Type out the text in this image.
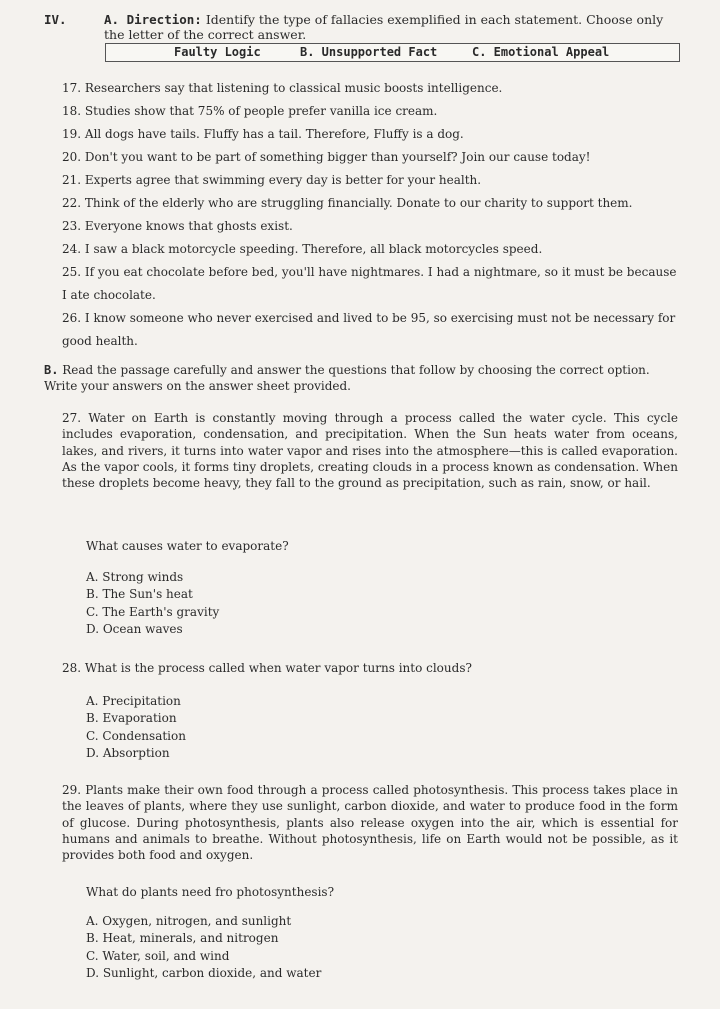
IV.	A. Direction: Identify the type of fallacies exemplified in each statement. Choose only the letter of the correct answer.
Faulty Logic	B. Unsupported Fact	C. Emotional Appeal
17. Researchers say that listening to classical music boosts intelligence.
18. Studies show that 75% of people prefer vanilla ice cream.
19. All dogs have tails. Fluffy has a tail. Therefore, Fluffy is a dog.
20. Don't you want to be part of something bigger than yourself? Join our cause today!
21. Experts agree that swimming every day is better for your health.
22. Think of the elderly who are struggling financially. Donate to our charity to support them.
23. Everyone knows that ghosts exist.
24. I saw a black motorcycle speeding. Therefore, all black motorcycles speed.
25. If you eat chocolate before bed, you'll have nightmares. I had a nightmare, so it must be because I ate chocolate.
26. I know someone who never exercised and lived to be 95, so exercising must not be necessary for good health.
B. Read the passage carefully and answer the questions that follow by choosing the correct option. Write your answers on the answer sheet provided.
27. Water on Earth is constantly moving through a process called the water cycle. This cycle includes evaporation, condensation, and precipitation. When the Sun heats water from oceans, lakes, and rivers, it turns into water vapor and rises into the atmosphere—this is called evaporation. As the vapor cools, it forms tiny droplets, creating clouds in a process known as condensation. When these droplets become heavy, they fall to the ground as precipitation, such as rain, snow, or hail.
What causes water to evaporate?
A. Strong winds
B. The Sun's heat
C. The Earth's gravity
D. Ocean waves
28. What is the process called when water vapor turns into clouds?
A. Precipitation
B. Evaporation
C. Condensation
D. Absorption
29. Plants make their own food through a process called photosynthesis. This process takes place in the leaves of plants, where they use sunlight, carbon dioxide, and water to produce food in the form of glucose. During photosynthesis, plants also release oxygen into the air, which is essential for humans and animals to breathe. Without photosynthesis, life on Earth would not be possible, as it provides both food and oxygen.
What do plants need fro photosynthesis?
A. Oxygen, nitrogen, and sunlight
B. Heat, minerals, and nitrogen
C. Water, soil, and wind
D. Sunlight, carbon dioxide, and water
